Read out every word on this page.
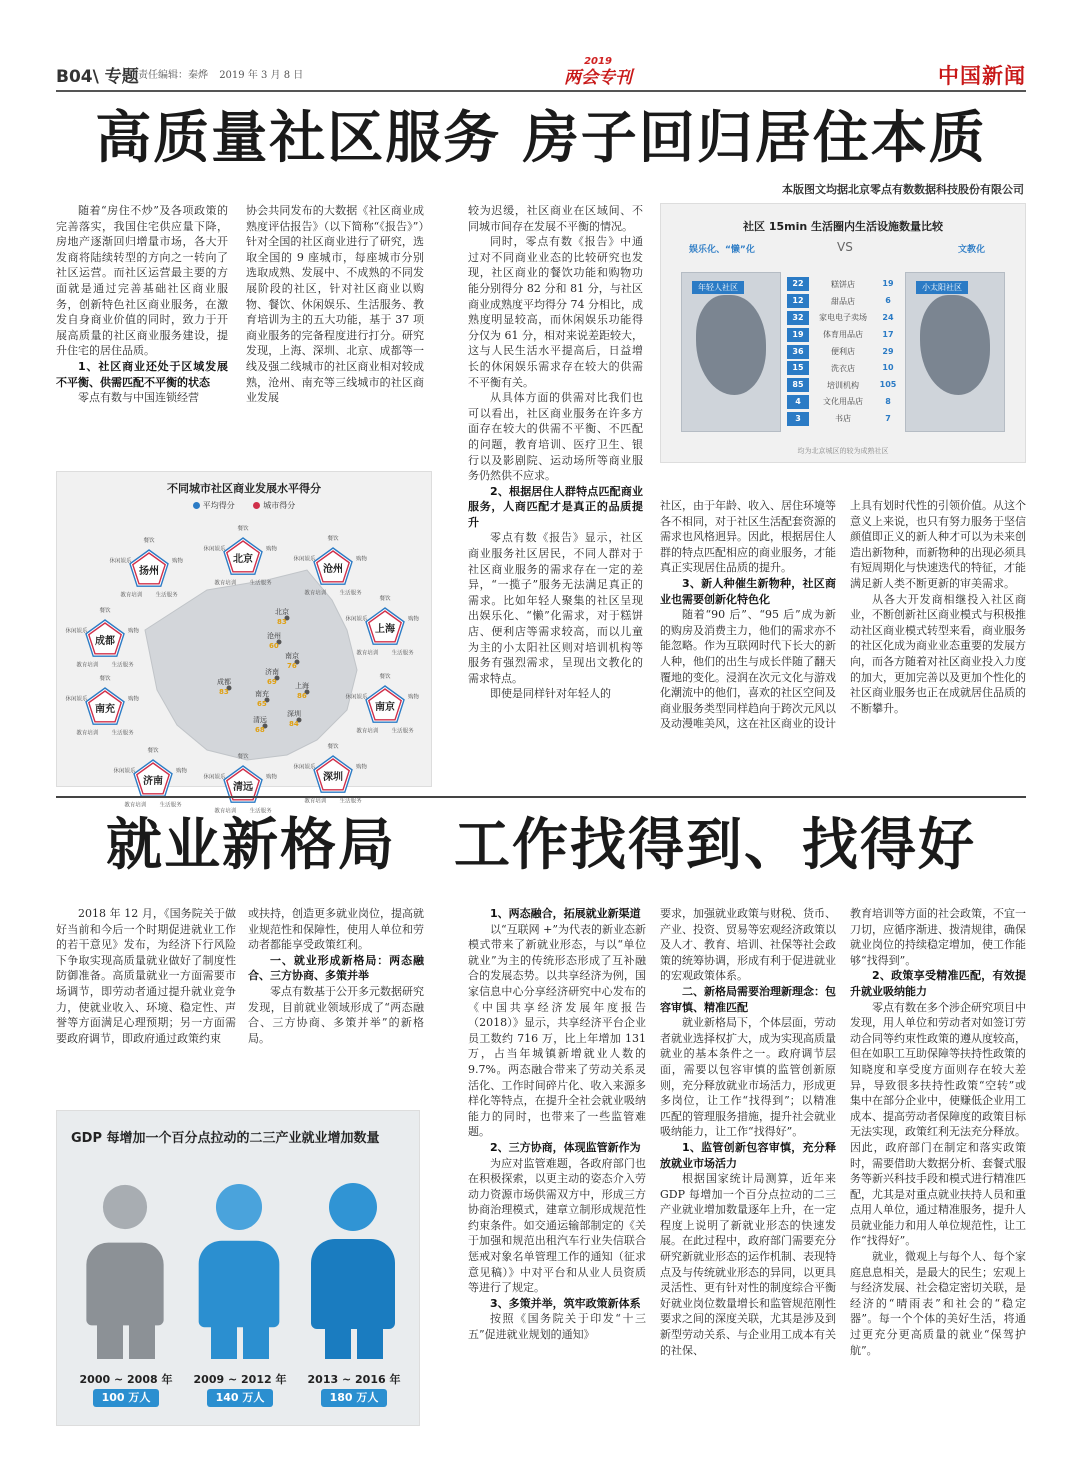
B04\ 专题 责任编辑：秦烨 2019 年 3 月 8 日
2019
两会专刊	中国新闻
高质量社区服务 房子回归居住本质
本版图文均据北京零点有数数据科技股份有限公司

随着“房住不炒”及各项政策的完善落实，我国住宅供应量下降，房地产逐渐回归增量市场，各大开发商将陆续转型的方向之一转向了社区运营。而社区运营最主要的方面就是通过完善基础社区商业服务，创新特色社区商业服务，在激发自身商业价值的同时，致力于开展高质量的社区商业服务建设，提升住宅的居住品质。

1、社区商业还处于区域发展不平衡、供需匹配不平衡的状态

零点有数与中国连锁经营

协会共同发布的大数据《社区商业成熟度评估报告》（以下简称“《报告》”）针对全国的社区商业进行了研究，选取全国的 9 座城市，每座城市分别选取成熟、发展中、不成熟的不同发展阶段的社区，针对社区商业以购物、餐饮、休闲娱乐、生活服务、教育培训为主的五大功能，基于 37 项商业服务的完备程度进行打分。研究发现，上海、深圳、北京、成都等一线及强二线城市的社区商业相对较成熟，沧州、南充等三线城市的社区商业发展

较为迟缓，社区商业在区域间、不同城市间存在发展不平衡的情况。

同时，零点有数《报告》中通过对不同商业业态的比较研究也发现，社区商业的餐饮功能和购物功能分别得分 82 分和 81 分，与社区商业成熟度平均得分 74 分相比，成熟度明显较高，而休闲娱乐功能得分仅为 61 分，相对来说差距较大，这与人民生活水平提高后，日益增长的休闲娱乐需求存在较大的供需不平衡有关。

从具体方面的供需对比我们也可以看出，社区商业服务在许多方面存在较大的供需不平衡、不匹配的问题，教育培训、医疗卫生、银行以及影剧院、运动场所等商业服务仍然供不应求。

2、根据居住人群特点匹配商业服务，人商匹配才是真正的品质提升

零点有数《报告》显示，社区商业服务社区居民，不同人群对于社区商业服务的需求存在一定的差异，“一揽子”服务无法满足真正的需求。比如年轻人聚集的社区呈现出娱乐化、“懒”化需求，对于糕饼店、便利店等需求较高，而以儿童为主的小太阳社区则对培训机构等服务有强烈需求，呈现出文教化的需求特点。

即使是同样针对年轻人的

社区，由于年龄、收入、居住环境等各不相同，对于社区生活配套资源的需求也风格迥异。因此，根据居住人群的特点匹配相应的商业服务，才能真正实现居住品质的提升。

3、新人种催生新物种，社区商业也需要创新化特色化

随着“90 后”、“95 后”成为新的购房及消费主力，他们的需求亦不能忽略。作为互联网时代下长大的新人种，他们的出生与成长伴随了翻天覆地的变化。浸润在次元文化与游戏化潮流中的他们，喜欢的社区空间及商业服务类型同样趋向于跨次元风以及动漫唯美风，这在社区商业的设计

上具有划时代性的引领价值。从这个意义上来说，也只有努力服务于坚信颜值即正义的新人种才可以为未来创造出新物种，而新物种的出现必须具有短周期化与快速迭代的特征，才能满足新人类不断更新的审美需求。

从各大开发商相继投入社区商业，不断创新社区商业模式与积极推动社区商业模式转型来看，商业服务的社区化成为商业业态重要的发展方向，而各方随着对社区商业投入力度的加大，更加完善以及更加个性化的社区商业服务也正在成就居住品质的不断攀升。

社区 15min 生活圈内生活设施数量比较
娱乐化、“懒”化	VS	文教化
年轻人社区	小太阳社区
22	糕饼店	19
12	甜品店	6
32	家电电子卖场	24
19	体育用品店	17
36	便利店	29
15	洗衣店	10
85	培训机构	105
4	文化用品店	8
3	书店	7
均为北京城区的较为成熟社区
不同城市社区商业发展水平得分
平均得分	城市得分
扬州
餐饮
购物
生活服务
教育培训
休闲娱乐	北京
餐饮
购物
生活服务
教育培训
休闲娱乐
北京
83
沧州
餐饮
购物
生活服务
教育培训
休闲娱乐
沧州
60
成都
餐饮
购物
生活服务
教育培训
休闲娱乐
成都
83
上海
餐饮
购物
生活服务
教育培训
休闲娱乐
上海
86
南充
餐饮
购物
生活服务
教育培训
休闲娱乐
南充
65	南京
餐饮
购物
生活服务
教育培训
休闲娱乐
南京
76
济南
餐饮
购物
生活服务
教育培训
休闲娱乐
济南
69
深圳
餐饮
购物
生活服务
教育培训
休闲娱乐
深圳
84
清远
餐饮
购物
生活服务
教育培训
休闲娱乐
清远
68
就业新格局  工作找得到、找得好

2018 年 12 月，《国务院关于做好当前和今后一个时期促进就业工作的若干意见》发布，为经济下行风险下争取实现高质量就业做好了制度性防御准备。高质量就业一方面需要市场调节，即劳动者通过提升就业竞争力，使就业收入、环境、稳定性、声誉等方面满足心理预期；另一方面需要政府调节，即政府通过政策约束

或扶持，创造更多就业岗位，提高就业规范性和保障性，使用人单位和劳动者都能享受政策红利。

一、就业形成新格局：两态融合、三方协商、多策并举

零点有数基于公开多元数据研究发现，目前就业领域形成了“两态融合、三方协商、多策并举”的新格局。

1、两态融合，拓展就业新渠道

以“互联网 +”为代表的新业态新模式带来了新就业形态，与以“单位就业”为主的传统形态形成了互补融合的发展态势。以共享经济为例，国家信息中心分享经济研究中心发布的《中国共享经济发展年度报告（2018）》显示，共享经济平台企业员工数约 716 万，比上年增加 131 万，占当年城镇新增就业人数的 9.7%。两态融合带来了劳动关系灵活化、工作时间碎片化、收入来源多样化等特点，在提升全社会就业吸纳能力的同时，也带来了一些监管难题。

2、三方协商，体现监管新作为

为应对监管难题，各政府部门也在积极探索，以更主动的姿态介入劳动力资源市场供需双方中，形成三方协商治理模式，建章立制形成规范性约束条件。如交通运输部制定的《关于加强和规范出租汽车行业失信联合惩戒对象名单管理工作的通知（征求意见稿）》中对平台和从业人员资质等进行了规定。

3、多策并举，筑牢政策新体系

按照《国务院关于印发“十三五”促进就业规划的通知》

要求，加强就业政策与财税、货币、产业、投资、贸易等宏观经济政策以及人才、教育、培训、社保等社会政策的统筹协调，形成有利于促进就业的宏观政策体系。

二、新格局需要治理新理念：包容审慎、精准匹配

就业新格局下，个体层面，劳动者就业选择权扩大，成为实现高质量就业的基本条件之一。政府调节层面，需要以包容审慎的监管创新原则，充分释放就业市场活力，形成更多岗位，让工作“找得到”；以精准匹配的管理服务措施，提升社会就业吸纳能力，让工作“找得好”。

1、监管创新包容审慎，充分释放就业市场活力

根据国家统计局测算，近年来 GDP 每增加一个百分点拉动的二三产业就业增加数量逐年上升，在一定程度上说明了新就业形态的快速发展。在此过程中，政府部门需要充分研究新就业形态的运作机制、表现特点及与传统就业形态的异同，以更具灵活性、更有针对性的制度综合平衡好就业岗位数量增长和监管规范刚性要求之间的深度关联，尤其是涉及到新型劳动关系、与企业用工成本有关的社保、

教育培训等方面的社会政策，不宜一刀切，应循序渐进、拨清规律，确保就业岗位的持续稳定增加，使工作能够“找得到”。

2、政策享受精准匹配，有效提升就业吸纳能力

零点有数在多个涉企研究项目中发现，用人单位和劳动者对如签订劳动合同等约束性政策的遵从度较高，但在如职工互助保障等扶持性政策的知晓度和享受度方面则存在较大差异，导致很多扶持性政策“空转”或集中在部分企业中，使赚低企业用工成本、提高劳动者保障度的政策目标无法实现，政策红利无法充分释放。因此，政府部门在制定和落实政策时，需要借助大数据分析、套餐式服务等新兴科技手段和模式进行精准匹配，尤其是对重点就业扶持人员和重点用人单位，通过精准服务，提升人员就业能力和用人单位规范性，让工作“找得好”。

就业，微观上与每个人、每个家庭息息相关，是最大的民生；宏观上与经济发展、社会稳定密切关联，是经济的“晴雨表”和社会的“稳定器”。每一个个体的美好生活，将通过更充分更高质量的就业“保驾护航”。

GDP 每增加一个百分点拉动的二三产业就业增加数量
2000 ~ 2008 年
100 万人
2009 ~ 2012 年
140 万人
2013 ~ 2016 年
180 万人
